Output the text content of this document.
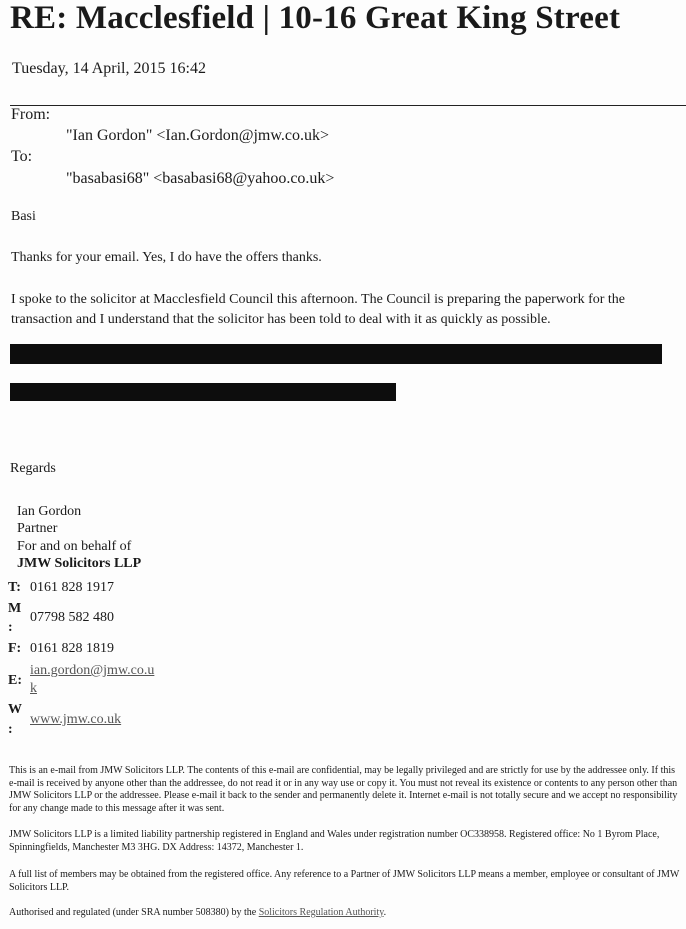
RE: Macclesfield | 10-16 Great King Street
Tuesday, 14 April, 2015 16:42
From:
"Ian Gordon" <Ian.Gordon@jmw.co.uk>
To:
"basabasi68" <basabasi68@yahoo.co.uk>
Basi
Thanks for your email. Yes, I do have the offers thanks.
I spoke to the solicitor at Macclesfield Council this afternoon. The Council is preparing the paperwork for the transaction and I understand that the solicitor has been told to deal with it as quickly as possible.
Regards
Ian Gordon
Partner
For and on behalf of
JMW Solicitors LLP
T: 0161 828 1917
M
:
07798 582 480
F: 0161 828 1819
E:
ian.gordon@jmw.co.u
k
W
:
www.jmw.co.uk
This is an e-mail from JMW Solicitors LLP. The contents of this e-mail are confidential, may be legally privileged and are strictly for use by the addressee only. If this e-mail is received by anyone other than the addressee, do not read it or in any way use or copy it. You must not reveal its existence or contents to any person other than JMW Solicitors LLP or the addressee. Please e-mail it back to the sender and permanently delete it. Internet e-mail is not totally secure and we accept no responsibility for any change made to this message after it was sent.
JMW Solicitors LLP is a limited liability partnership registered in England and Wales under registration number OC338958. Registered office: No 1 Byrom Place, Spinningfields, Manchester M3 3HG. DX Address: 14372, Manchester 1.
A full list of members may be obtained from the registered office. Any reference to a Partner of JMW Solicitors LLP means a member, employee or consultant of JMW Solicitors LLP.
Authorised and regulated (under SRA number 508380) by the Solicitors Regulation Authority.
